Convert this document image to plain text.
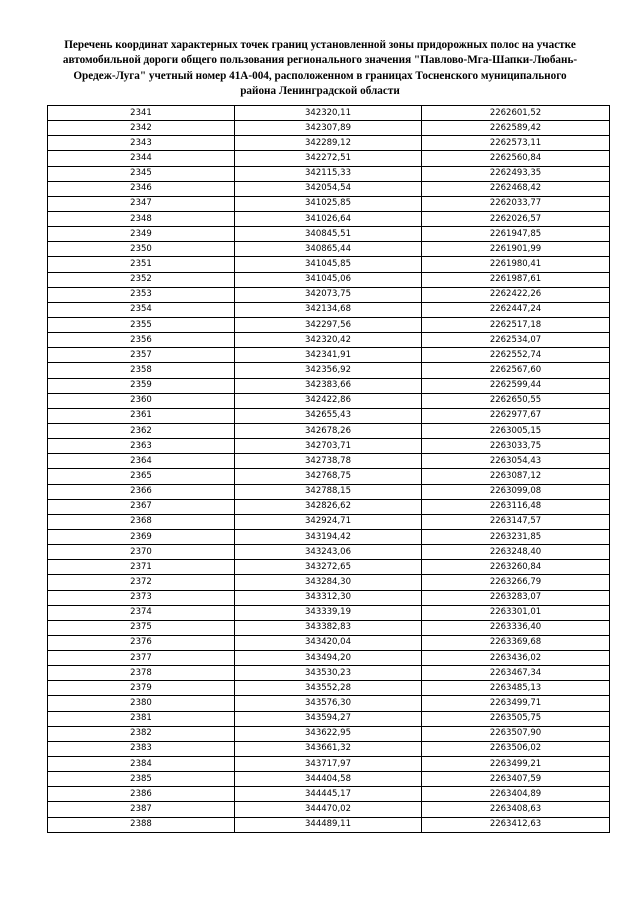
Перечень координат характерных точек границ установленной зоны придорожных полос на участке
автомобильной дороги общего пользования регионального значения "Павлово-Мга-Шапки-Любань-
Оредеж-Луга" учетный номер 41А-004, расположенном в границах Тосненского муниципального
района Ленинградской области
2341	342320,11	2262601,52
2342	342307,89	2262589,42
2343	342289,12	2262573,11
2344	342272,51	2262560,84
2345	342115,33	2262493,35
2346	342054,54	2262468,42
2347	341025,85	2262033,77
2348	341026,64	2262026,57
2349	340845,51	2261947,85
2350	340865,44	2261901,99
2351	341045,85	2261980,41
2352	341045,06	2261987,61
2353	342073,75	2262422,26
2354	342134,68	2262447,24
2355	342297,56	2262517,18
2356	342320,42	2262534,07
2357	342341,91	2262552,74
2358	342356,92	2262567,60
2359	342383,66	2262599,44
2360	342422,86	2262650,55
2361	342655,43	2262977,67
2362	342678,26	2263005,15
2363	342703,71	2263033,75
2364	342738,78	2263054,43
2365	342768,75	2263087,12
2366	342788,15	2263099,08
2367	342826,62	2263116,48
2368	342924,71	2263147,57
2369	343194,42	2263231,85
2370	343243,06	2263248,40
2371	343272,65	2263260,84
2372	343284,30	2263266,79
2373	343312,30	2263283,07
2374	343339,19	2263301,01
2375	343382,83	2263336,40
2376	343420,04	2263369,68
2377	343494,20	2263436,02
2378	343530,23	2263467,34
2379	343552,28	2263485,13
2380	343576,30	2263499,71
2381	343594,27	2263505,75
2382	343622,95	2263507,90
2383	343661,32	2263506,02
2384	343717,97	2263499,21
2385	344404,58	2263407,59
2386	344445,17	2263404,89
2387	344470,02	2263408,63
2388	344489,11	2263412,63
